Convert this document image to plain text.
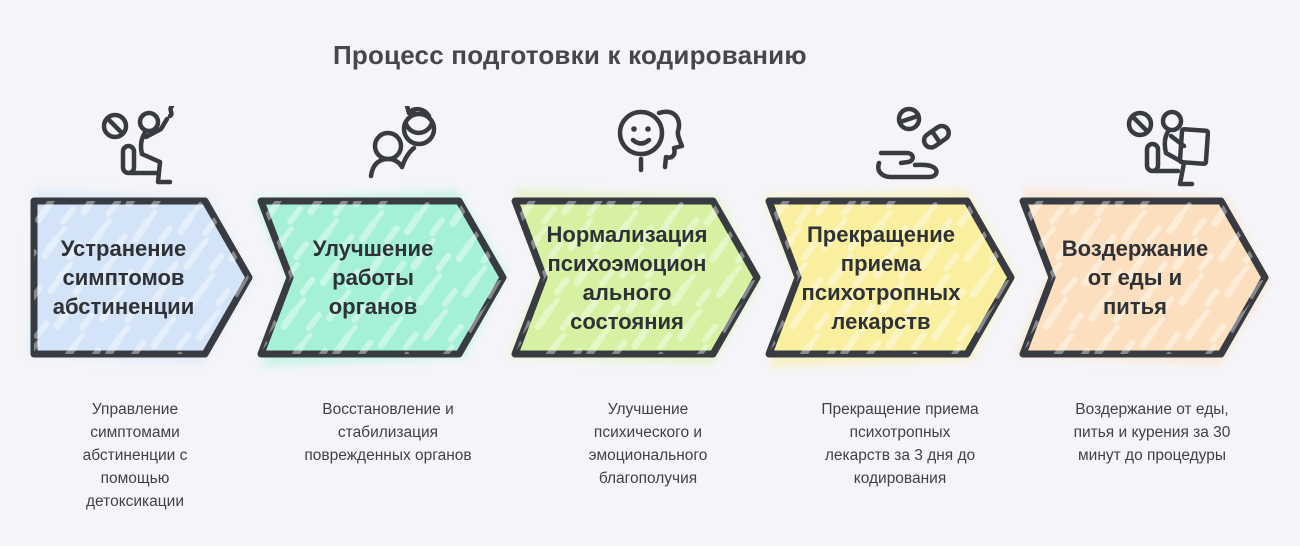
Процесс подготовки к кодированию
Устранение симптомов абстиненции
Управление симптомами абстиненции с помощью детоксикации
Улучшение работы органов
Восстановление и стабилизация поврежденных органов
Нормализация психоэмоционального состояния
Улучшение психического и эмоционального благополучия
Прекращение приема психотропных лекарств
Прекращение приема психотропных лекарств за 3 дня до кодирования
Воздержание от еды и питья
Воздержание от еды, питья и курения за 30 минут до процедуры
